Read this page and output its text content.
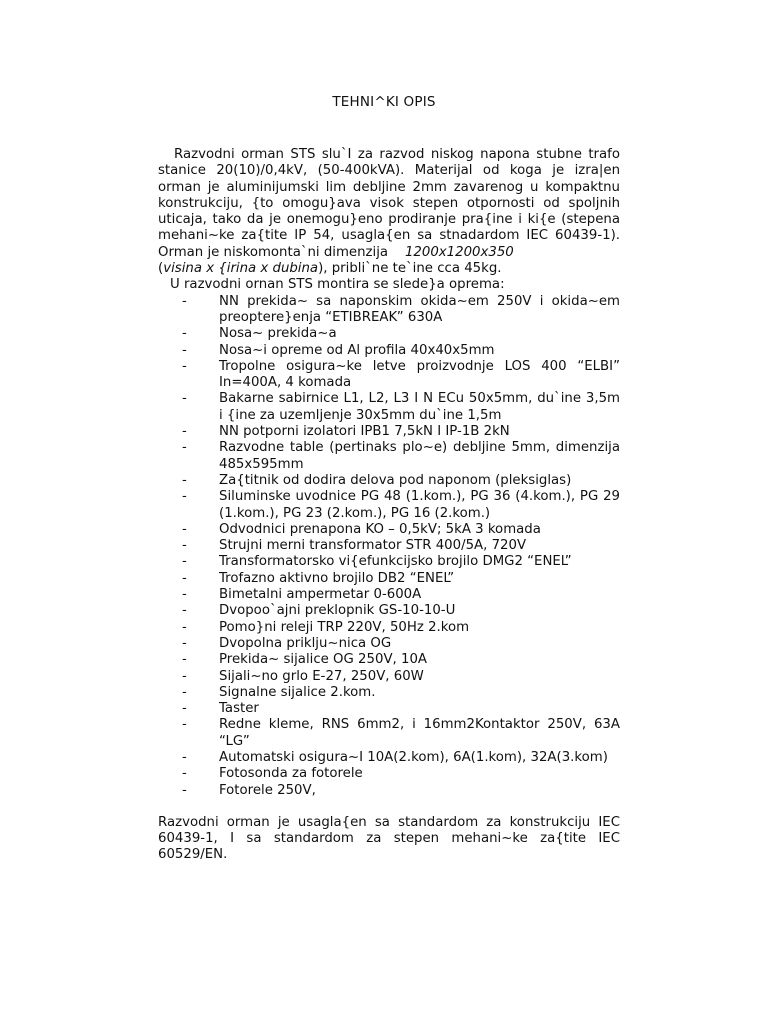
TEHNI^KI OPIS

Razvodni orman STS slu`I za razvod niskog napona stubne trafo stanice 20(10)/0,4kV, (50-400kVA). Materijal od koga je izra|en orman je aluminijumski lim debljine 2mm zavarenog u kompaktnu konstrukciju, {to omogu}ava visok stepen otpornosti od spoljnih uticaja, tako da je onemogu}eno prodiranje pra{ine i ki{e (stepena mehani~ke za{tite IP 54, usagla{en sa stnadardom IEC 60439-1). Orman je niskomonta`ni dimenzija    1200x1200x350
(visina x {irina x dubina), pribli`ne te`ine cca 45kg.

U razvodni ornan STS montira se slede}a oprema:

- NN prekida~ sa naponskim okida~em 250V i okida~em preoptere}enja “ETIBREAK” 630A
- Nosa~ prekida~a
- Nosa~i opreme od Al profila 40x40x5mm
- Tropolne osigura~ke letve proizvodnje LOS 400 “ELBI” In=400A, 4 komada
- Bakarne sabirnice L1, L2, L3 I N ECu 50x5mm, du`ine 3,5m i {ine za uzemljenje 30x5mm du`ine 1,5m
- NN potporni izolatori IPB1 7,5kN I IP-1B 2kN
- Razvodne table (pertinaks plo~e) debljine 5mm, dimenzija 485x595mm
- Za{titnik od dodira delova pod naponom (pleksiglas)
- Siluminske uvodnice PG 48 (1.kom.), PG 36 (4.kom.), PG 29 (1.kom.), PG 23 (2.kom.), PG 16 (2.kom.)
- Odvodnici prenapona KO – 0,5kV; 5kA 3 komada
- Strujni merni transformator STR 400/5A, 720V
- Transformatorsko vi{efunkcijsko brojilo DMG2 “ENEL”
- Trofazno aktivno brojilo DB2 “ENEL”
- Bimetalni ampermetar 0-600A
- Dvopoo`ajni preklopnik GS-10-10-U
- Pomo}ni releji TRP 220V, 50Hz 2.kom
- Dvopolna priklju~nica OG
- Prekida~ sijalice OG 250V, 10A
- Sijali~no grlo E-27, 250V, 60W
- Signalne sijalice 2.kom.
- Taster
- Redne kleme, RNS 6mm2, i 16mm2Kontaktor 250V, 63A “LG”
- Automatski osigura~I 10A(2.kom), 6A(1.kom), 32A(3.kom)
- Fotosonda za fotorele
- Fotorele 250V,

Razvodni orman je usagla{en sa standardom za konstrukciju IEC 60439-1, I sa standardom za stepen mehani~ke za{tite IEC 60529/EN.
